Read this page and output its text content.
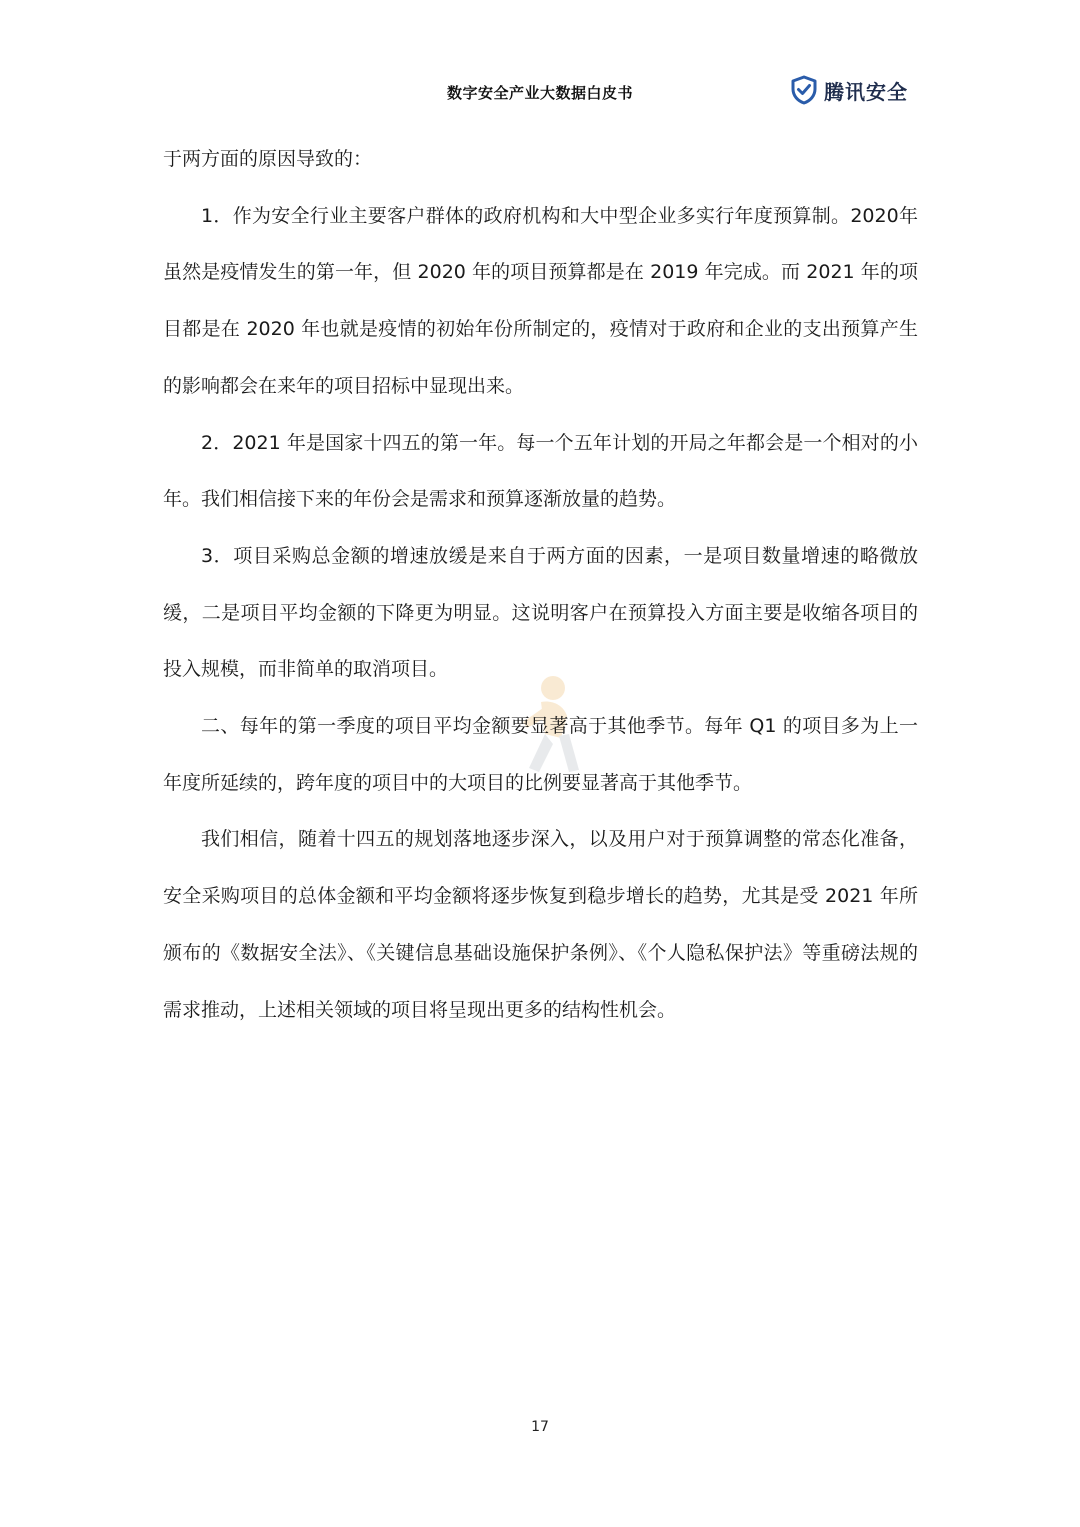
数字安全产业大数据白皮书	腾讯安全

于两方面的原因导致的：

1．作为安全行业主要客户群体的政府机构和大中型企业多实行年度预算制。2020年虽然是疫情发生的第一年，但 2020 年的项目预算都是在 2019 年完成。而 2021 年的项目都是在 2020 年也就是疫情的初始年份所制定的，疫情对于政府和企业的支出预算产生的影响都会在来年的项目招标中显现出来。

2．2021 年是国家十四五的第一年。每一个五年计划的开局之年都会是一个相对的小年。我们相信接下来的年份会是需求和预算逐渐放量的趋势。

3．项目采购总金额的增速放缓是来自于两方面的因素，一是项目数量增速的略微放缓，二是项目平均金额的下降更为明显。这说明客户在预算投入方面主要是收缩各项目的投入规模，而非简单的取消项目。

二、每年的第一季度的项目平均金额要显著高于其他季节。每年 Q1 的项目多为上一年度所延续的，跨年度的项目中的大项目的比例要显著高于其他季节。

我们相信，随着十四五的规划落地逐步深入，以及用户对于预算调整的常态化准备，安全采购项目的总体金额和平均金额将逐步恢复到稳步增长的趋势，尤其是受 2021 年所颁布的《数据安全法》、《关键信息基础设施保护条例》、《个人隐私保护法》等重磅法规的需求推动，上述相关领域的项目将呈现出更多的结构性机会。

17
